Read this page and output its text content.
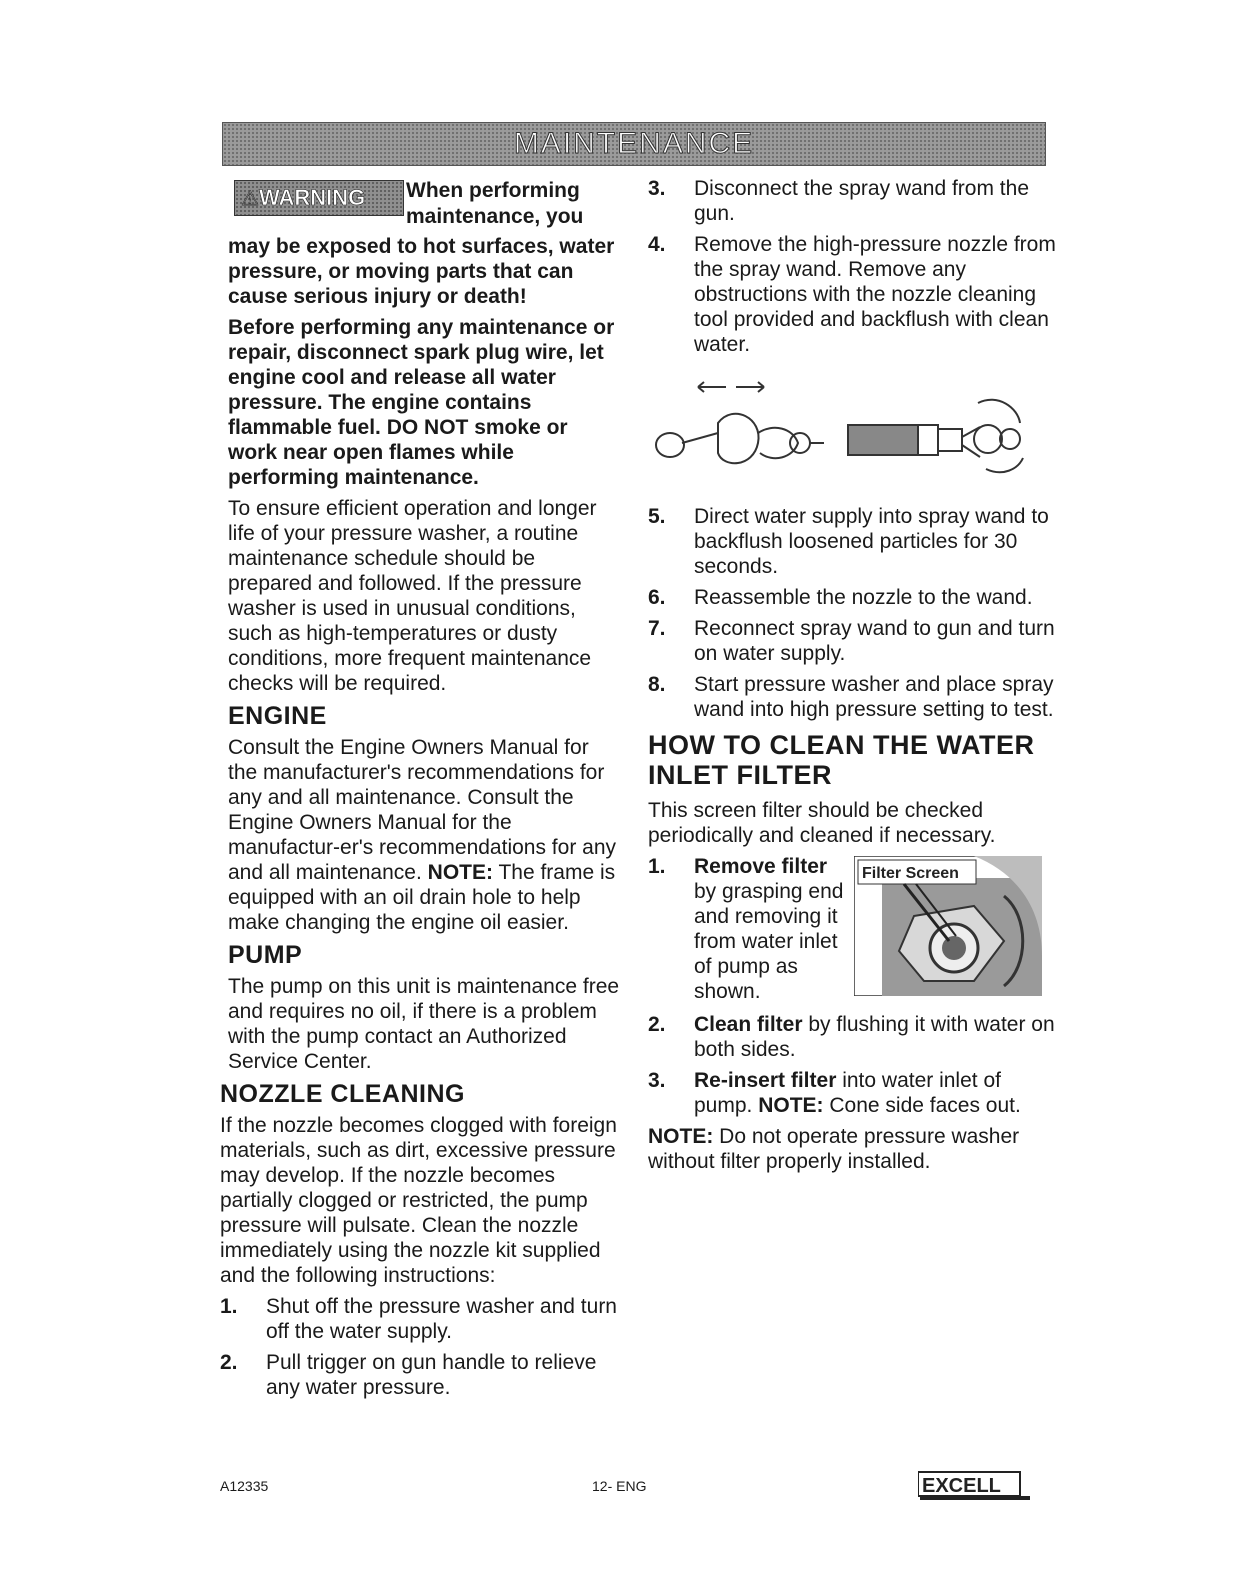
MAINTENANCE
⚠WARNING	When performing maintenance, you

may be exposed to hot surfaces, water pressure, or moving parts that can cause serious injury or death!

Before performing any maintenance or repair, disconnect spark plug wire, let engine cool and release all water pressure. The engine contains flammable fuel. DO NOT smoke or work near open flames while performing maintenance.

To ensure efficient operation and longer life of your pressure washer, a routine maintenance schedule should be prepared and followed. If the pressure washer is used in unusual conditions, such as high-temperatures or dusty conditions, more frequent maintenance checks will be required.

ENGINE

Consult the Engine Owners Manual for the manufacturer's recommendations for any and all maintenance. Consult the Engine Owners Manual for the manufactur-er's recommendations for any and all maintenance. NOTE: The frame is equipped with an oil drain hole to help make changing the engine oil easier.

PUMP

The pump on this unit is maintenance free and requires no oil, if there is a problem with the pump contact an Authorized Service Center.

NOZZLE CLEANING

If the nozzle becomes clogged with foreign materials, such as dirt, excessive pressure may develop. If the nozzle becomes partially clogged or restricted, the pump pressure will pulsate. Clean the nozzle immediately using the nozzle kit supplied and the following instructions:

1. Shut off the pressure washer and turn off the water supply.
2. Pull trigger on gun handle to relieve any water pressure.
3. Disconnect the spray wand from the gun.
4. Remove the high-pressure nozzle from the spray wand. Remove any obstructions with the nozzle cleaning tool provided and backflush with clean water.
5. Direct water supply into spray wand to backflush loosened particles for 30 seconds.
6. Reassemble the nozzle to the wand.
7. Reconnect spray wand to gun and turn on water supply.
8. Start pressure washer and place spray wand into high pressure setting to test.
HOW TO CLEAN THE WATER INLET FILTER

This screen filter should be checked periodically and cleaned if necessary.

1. Remove filter by grasping end and removing it from water inlet of pump as shown.
Filter Screen
2. Clean filter by flushing it with water on both sides.
3. Re-insert filter into water inlet of pump. NOTE: Cone side faces out.

NOTE: Do not operate pressure washer without filter properly installed.

A12335	12- ENG	EXCELL
